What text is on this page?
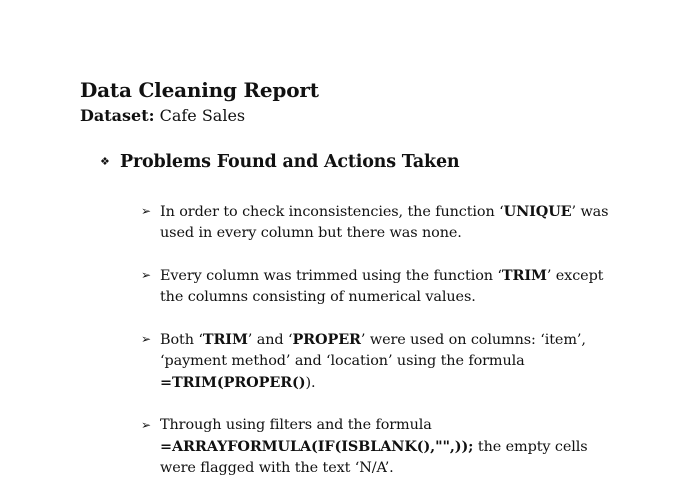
Data Cleaning Report
Dataset: Cafe Sales
❖ Problems Found and Actions Taken
➢ In order to check inconsistencies, the function ‘UNIQUE’ was used in every column but there was none.
➢ Every column was trimmed using the function ‘TRIM’ except the columns consisting of numerical values.
➢ Both ‘TRIM’ and ‘PROPER’ were used on columns: ‘item’, ‘payment method’ and ‘location’ using the formula =TRIM(PROPER()).
➢ Through using filters and the formula =ARRAYFORMULA(IF(ISBLANK(),"",)); the empty cells were flagged with the text ‘N/A’.
